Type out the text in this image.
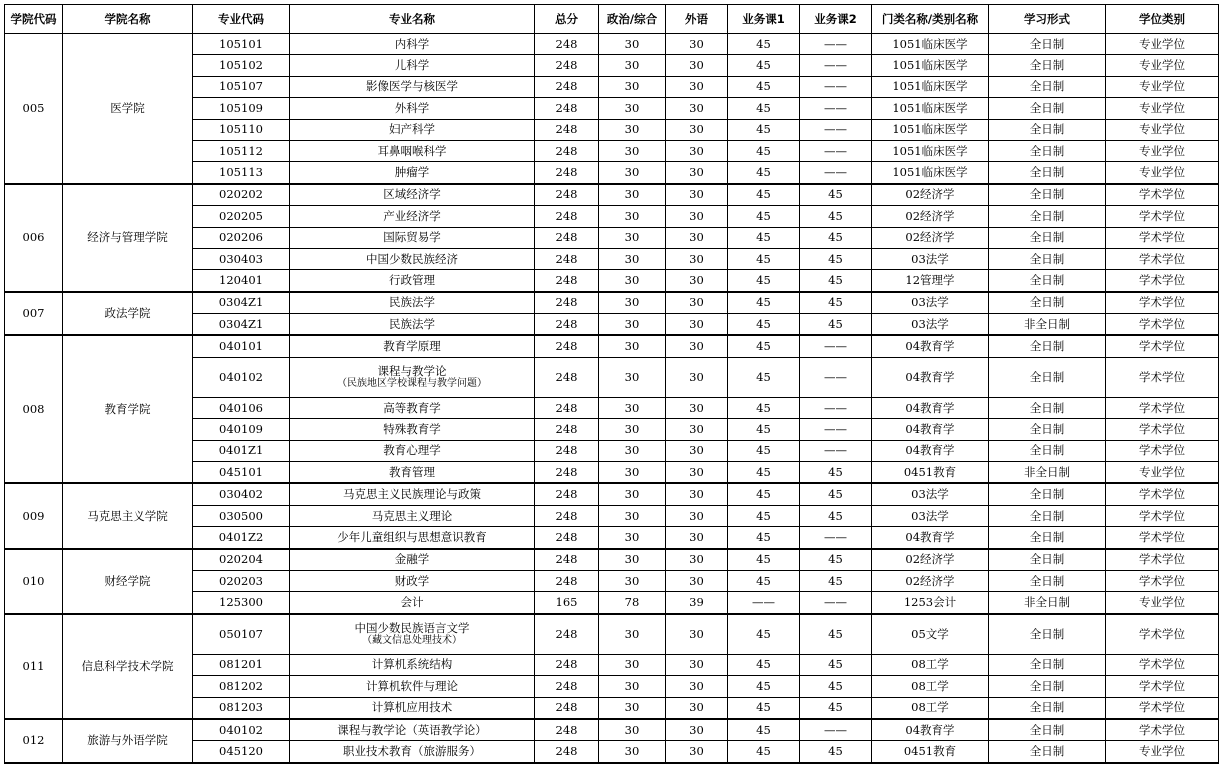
学院代码	学院名称	专业代码	专业名称	总分	政治/综合	外语	业务课1	业务课2	门类名称/类别名称	学习形式	学位类别
005	医学院	105101	内科学	248	30	30	45	——	1051临床医学	全日制	专业学位
		105102	儿科学	248	30	30	45	——	1051临床医学	全日制	专业学位
		105107	影像医学与核医学	248	30	30	45	——	1051临床医学	全日制	专业学位
		105109	外科学	248	30	30	45	——	1051临床医学	全日制	专业学位
		105110	妇产科学	248	30	30	45	——	1051临床医学	全日制	专业学位
		105112	耳鼻咽喉科学	248	30	30	45	——	1051临床医学	全日制	专业学位
		105113	肿瘤学	248	30	30	45	——	1051临床医学	全日制	专业学位
006	经济与管理学院	020202	区域经济学	248	30	30	45	45	02经济学	全日制	学术学位
		020205	产业经济学	248	30	30	45	45	02经济学	全日制	学术学位
		020206	国际贸易学	248	30	30	45	45	02经济学	全日制	学术学位
		030403	中国少数民族经济	248	30	30	45	45	03法学	全日制	学术学位
		120401	行政管理	248	30	30	45	45	12管理学	全日制	学术学位
007	政法学院	0304Z1	民族法学	248	30	30	45	45	03法学	全日制	学术学位
		0304Z1	民族法学	248	30	30	45	45	03法学	非全日制	学术学位
008	教育学院	040101	教育学原理	248	30	30	45	——	04教育学	全日制	学术学位
		040102	课程与教学论
（民族地区学校课程与教学问题）	248	30	30	45	——	04教育学	全日制	学术学位
		040106	高等教育学	248	30	30	45	——	04教育学	全日制	学术学位
		040109	特殊教育学	248	30	30	45	——	04教育学	全日制	学术学位
		0401Z1	教育心理学	248	30	30	45	——	04教育学	全日制	学术学位
		045101	教育管理	248	30	30	45	45	0451教育	非全日制	专业学位
009	马克思主义学院	030402	马克思主义民族理论与政策	248	30	30	45	45	03法学	全日制	学术学位
		030500	马克思主义理论	248	30	30	45	45	03法学	全日制	学术学位
		0401Z2	少年儿童组织与思想意识教育	248	30	30	45	——	04教育学	全日制	学术学位
010	财经学院	020204	金融学	248	30	30	45	45	02经济学	全日制	学术学位
		020203	财政学	248	30	30	45	45	02经济学	全日制	学术学位
		125300	会计	165	78	39	——	——	1253会计	非全日制	专业学位
011	信息科学技术学院	050107	中国少数民族语言文学
（藏文信息处理技术）	248	30	30	45	45	05文学	全日制	学术学位
		081201	计算机系统结构	248	30	30	45	45	08工学	全日制	学术学位
		081202	计算机软件与理论	248	30	30	45	45	08工学	全日制	学术学位
		081203	计算机应用技术	248	30	30	45	45	08工学	全日制	学术学位
012	旅游与外语学院	040102	课程与教学论（英语教学论）	248	30	30	45	——	04教育学	全日制	学术学位
		045120	职业技术教育（旅游服务）	248	30	30	45	45	0451教育	全日制	专业学位
